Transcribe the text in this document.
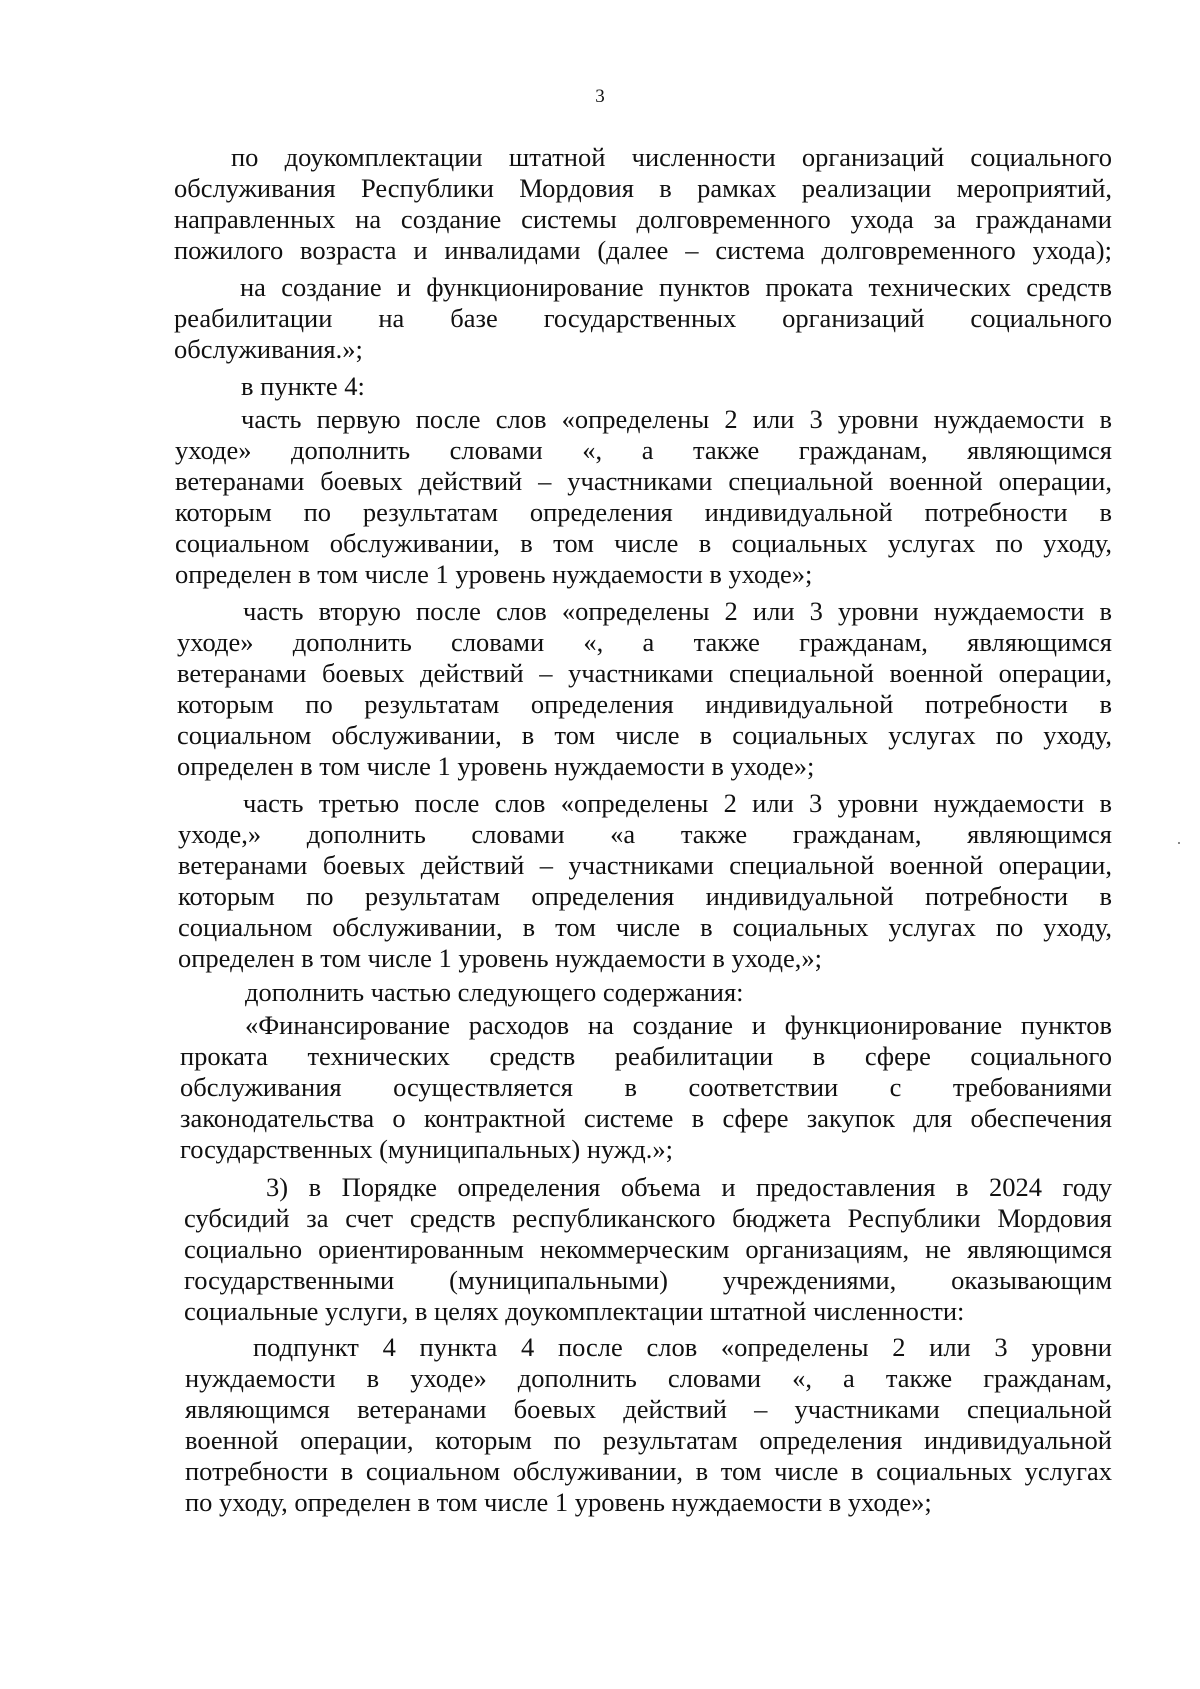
3
по доукомплектации штатной численности организаций социального
обслуживания Республики Мордовия в рамках реализации мероприятий,
направленных на создание системы долговременного ухода за гражданами
пожилого возраста и инвалидами (далее – система долговременного ухода);
на создание и функционирование пунктов проката технических средств
реабилитации на базе государственных организаций социального
обслуживания.»;
в пункте 4:
часть первую после слов «определены 2 или 3 уровни нуждаемости в
уходе» дополнить словами «, а также гражданам, являющимся
ветеранами боевых действий – участниками специальной военной операции,
которым по результатам определения индивидуальной потребности в
социальном обслуживании, в том числе в социальных услугах по уходу,
определен в том числе 1 уровень нуждаемости в уходе»;
часть вторую после слов «определены 2 или 3 уровни нуждаемости в
уходе» дополнить словами «, а также гражданам, являющимся
ветеранами боевых действий – участниками специальной военной операции,
которым по результатам определения индивидуальной потребности в
социальном обслуживании, в том числе в социальных услугах по уходу,
определен в том числе 1 уровень нуждаемости в уходе»;
часть третью после слов «определены 2 или 3 уровни нуждаемости в
уходе,» дополнить словами «а также гражданам, являющимся
ветеранами боевых действий – участниками специальной военной операции,
которым по результатам определения индивидуальной потребности в
социальном обслуживании, в том числе в социальных услугах по уходу,
определен в том числе 1 уровень нуждаемости в уходе,»;
дополнить частью следующего содержания:
«Финансирование расходов на создание и функционирование пунктов
проката технических средств реабилитации в сфере социального
обслуживания осуществляется в соответствии с требованиями
законодательства о контрактной системе в сфере закупок для обеспечения
государственных (муниципальных) нужд.»;
3) в Порядке определения объема и предоставления в 2024 году
субсидий за счет средств республиканского бюджета Республики Мордовия
социально ориентированным некоммерческим организациям, не являющимся
государственными (муниципальными) учреждениями, оказывающим
социальные услуги, в целях доукомплектации штатной численности:
подпункт 4 пункта 4 после слов «определены 2 или 3 уровни
нуждаемости в уходе» дополнить словами «, а также гражданам,
являющимся ветеранами боевых действий – участниками специальной
военной операции, которым по результатам определения индивидуальной
потребности в социальном обслуживании, в том числе в социальных услугах
по уходу, определен в том числе 1 уровень нуждаемости в уходе»;
